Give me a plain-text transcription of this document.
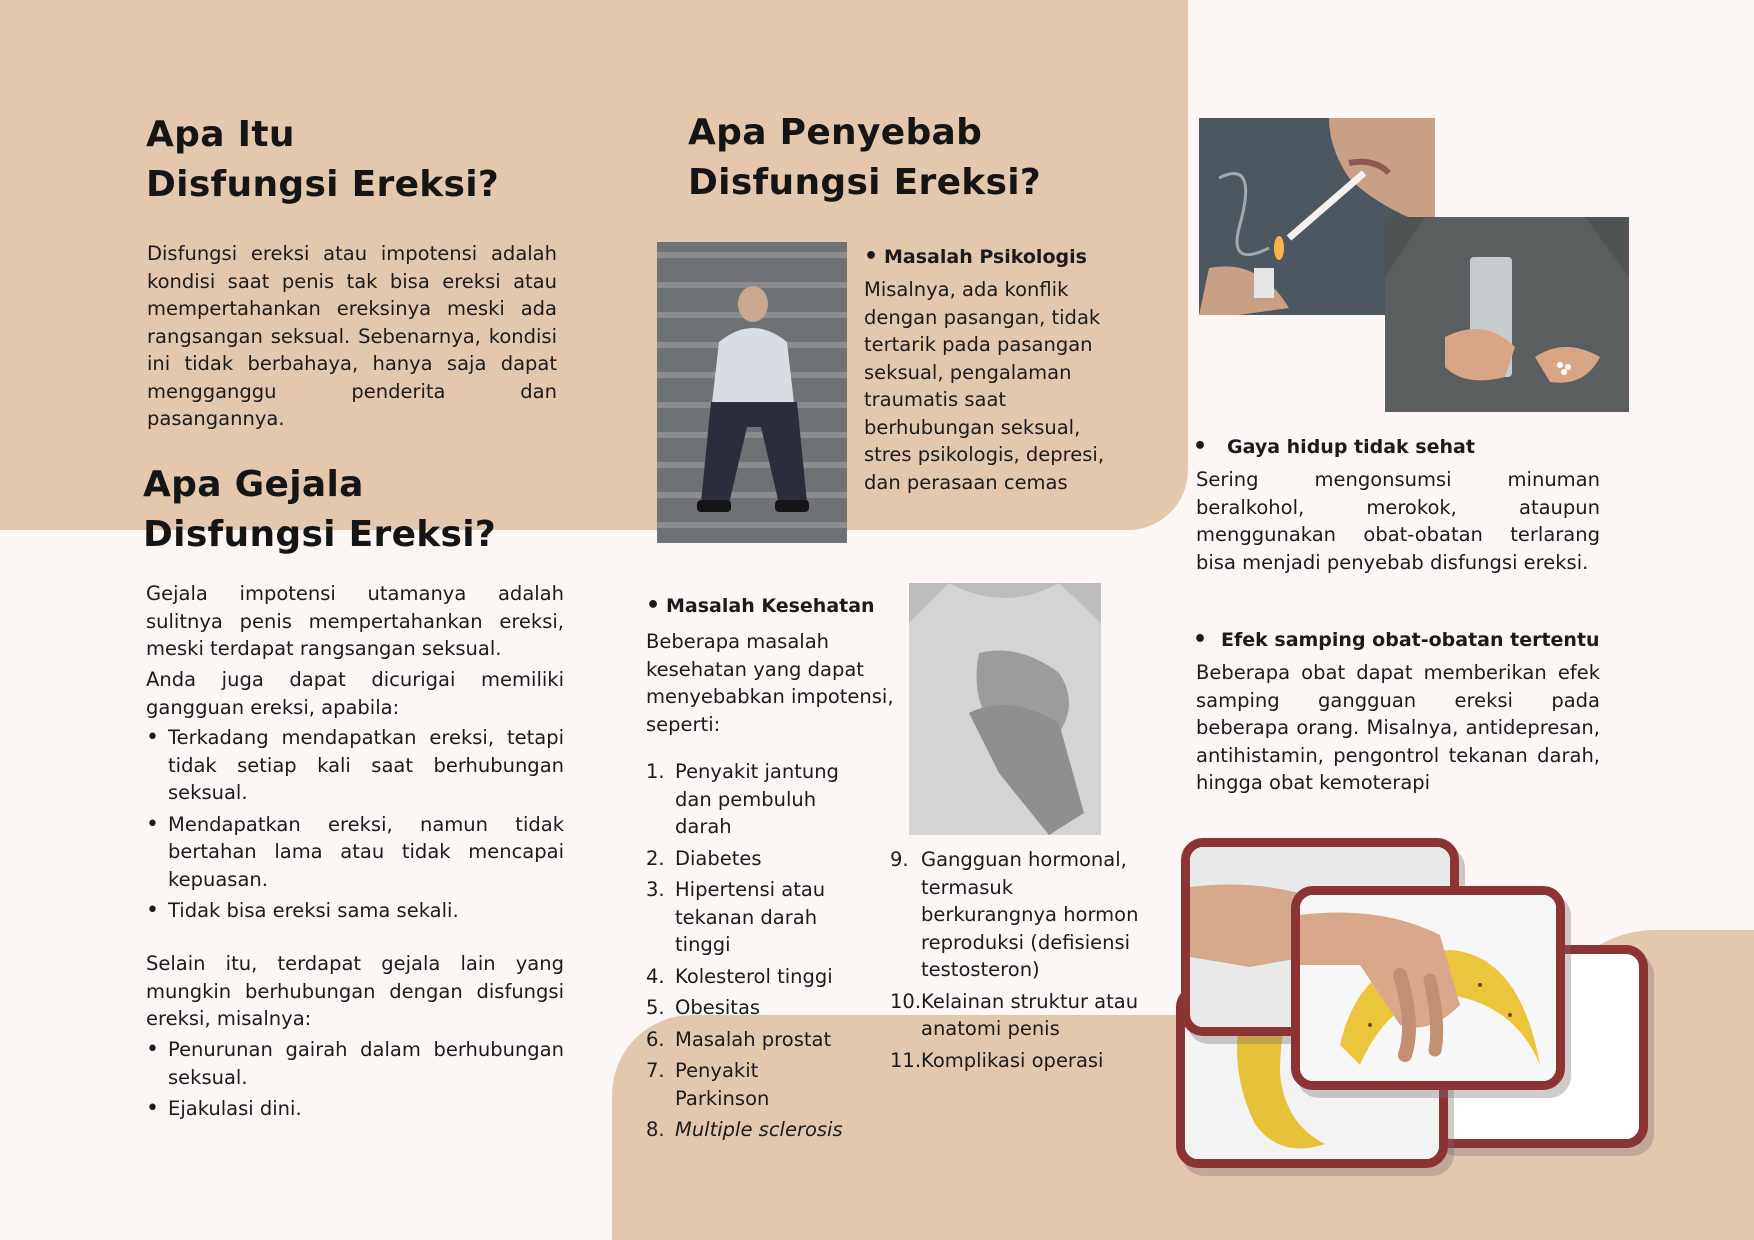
Apa Itu
Disfungsi Ereksi?

Disfungsi ereksi atau impotensi adalah kondisi saat penis tak bisa ereksi atau mempertahankan ereksinya meski ada rangsangan seksual. Sebenarnya, kondisi ini tidak berbahaya, hanya saja dapat mengganggu penderita dan pasangannya.

Apa Gejala
Disfungsi Ereksi?

Gejala impotensi utamanya adalah sulitnya penis mempertahankan ereksi, meski terdapat rangsangan seksual.

Anda juga dapat dicurigai memiliki gangguan ereksi, apabila:

• Terkadang mendapatkan ereksi, tetapi tidak setiap kali saat berhubungan seksual.
• Mendapatkan ereksi, namun tidak bertahan lama atau tidak mencapai kepuasan.
• Tidak bisa ereksi sama sekali.

Selain itu, terdapat gejala lain yang mungkin berhubungan dengan disfungsi ereksi, misalnya:

• Penurunan gairah dalam berhubungan seksual.
• Ejakulasi dini.
Apa Penyebab
Disfungsi Ereksi?
• Masalah Psikologis

Misalnya, ada konflik dengan pasangan, tidak tertarik pada pasangan seksual, pengalaman traumatis saat berhubungan seksual, stres psikologis, depresi, dan perasaan cemas

• Masalah Kesehatan

Beberapa masalah kesehatan yang dapat menyebabkan impotensi, seperti:

1. Penyakit jantung dan pembuluh darah
2. Diabetes
3. Hipertensi atau tekanan darah tinggi
4. Kolesterol tinggi
5. Obesitas
6. Masalah prostat
7. Penyakit Parkinson
8. Multiple sclerosis
9. Gangguan hormonal, termasuk berkurangnya hormon reproduksi (defisiensi testosteron)
10. Kelainan struktur atau anatomi penis
11. Komplikasi operasi
• Gaya hidup tidak sehat

Sering mengonsumsi minuman beralkohol, merokok, ataupun menggunakan obat-obatan terlarang bisa menjadi penyebab disfungsi ereksi.

• Efek samping obat-obatan tertentu

Beberapa obat dapat memberikan efek samping gangguan ereksi pada beberapa orang. Misalnya, antidepresan, antihistamin, pengontrol tekanan darah, hingga obat kemoterapi
